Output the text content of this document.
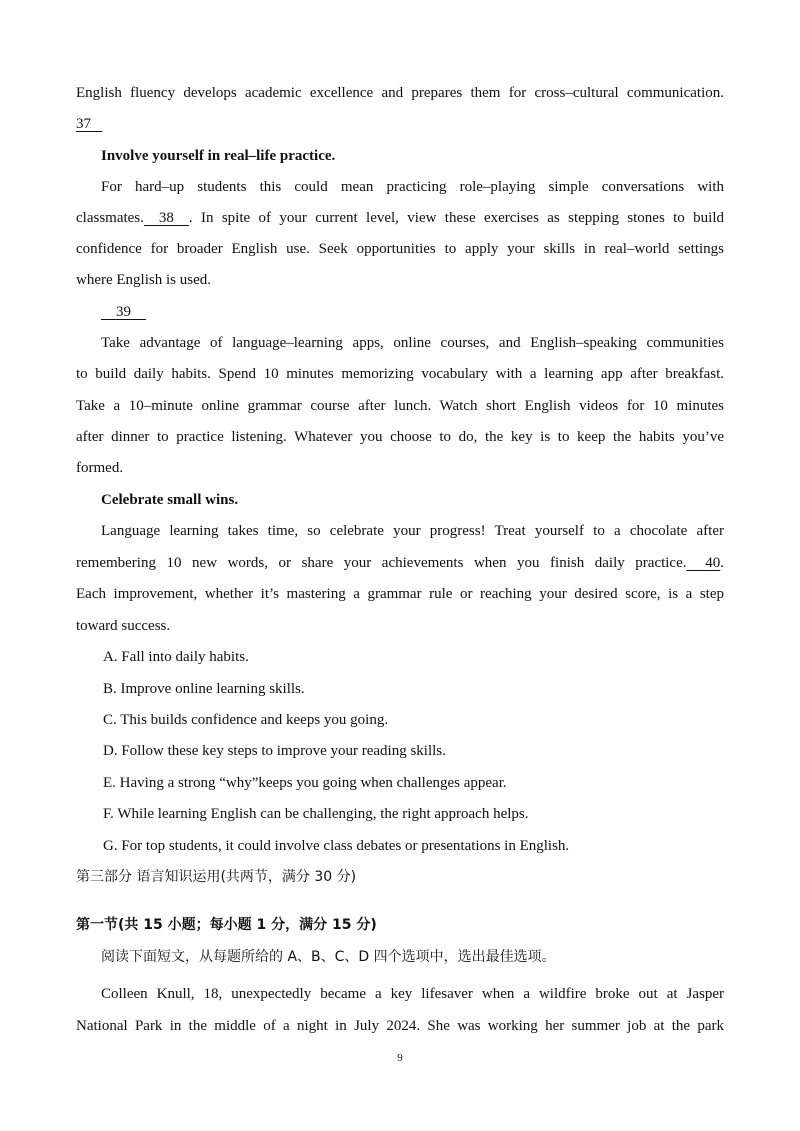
English fluency develops academic excellence and prepares them for cross–cultural communication.
37
Involve yourself in real–life practice.
For hard–up students this could mean practicing role–playing simple conversations with
classmates. 38 . In spite of your current level, view these exercises as stepping stones to build
confidence for broader English use. Seek opportunities to apply your skills in real–world settings
where English is used.
39
Take advantage of language–learning apps, online courses, and English–speaking communities
to build daily habits. Spend 10 minutes memorizing vocabulary with a learning app after breakfast.
Take a 10–minute online grammar course after lunch. Watch short English videos for 10 minutes
after dinner to practice listening. Whatever you choose to do, the key is to keep the habits you’ve
formed.
Celebrate small wins.
Language learning takes time, so celebrate your progress! Treat yourself to a chocolate after
remembering 10 new words, or share your achievements when you finish daily practice. 40.
Each improvement, whether it’s mastering a grammar rule or reaching your desired score, is a step
toward success.
A. Fall into daily habits.
B. Improve online learning skills.
C. This builds confidence and keeps you going.
D. Follow these key steps to improve your reading skills.
E. Having a strong “why”keeps you going when challenges appear.
F. While learning English can be challenging, the right approach helps.
G. For top students, it could involve class debates or presentations in English.
第三部分 语言知识运用(共两节，满分 30 分)
第一节(共 15 小题；每小题 1 分，满分 15 分)
阅读下面短文，从每题所给的 A、B、C、D 四个选项中，选出最佳选项。
Colleen Knull, 18, unexpectedly became a key lifesaver when a wildfire broke out at Jasper
National Park in the middle of a night in July 2024. She was working her summer job at the park
9
